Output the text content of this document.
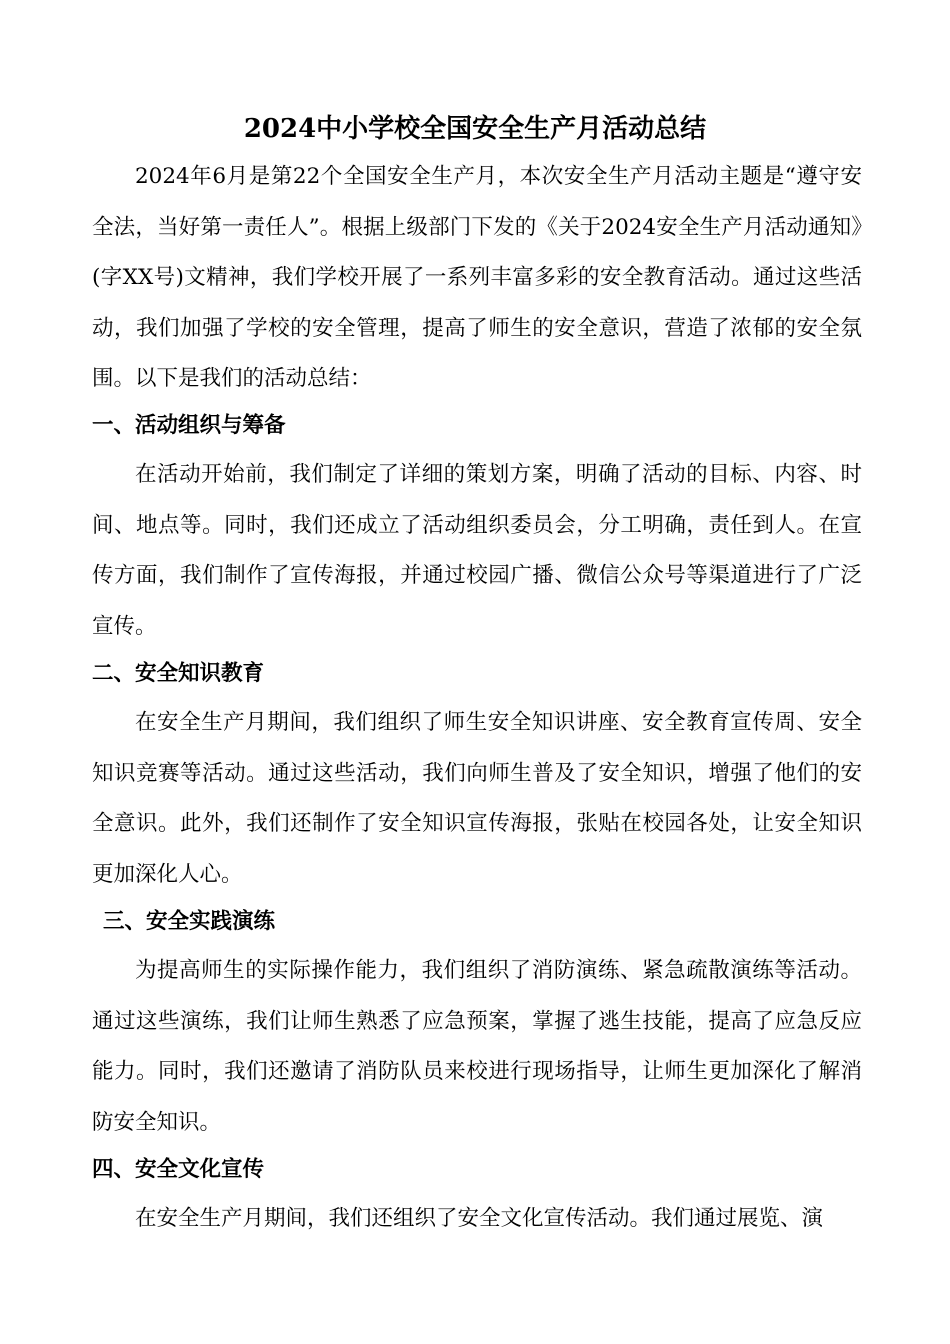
2024中小学校全国安全生产月活动总结

2024年6月是第22个全国安全生产月，本次安全生产月活动主题是“遵守安全法，当好第一责任人”。根据上级部门下发的《关于2024安全生产月活动通知》(字XX号)文精神，我们学校开展了一系列丰富多彩的安全教育活动。通过这些活动，我们加强了学校的安全管理，提高了师生的安全意识，营造了浓郁的安全氛围。以下是我们的活动总结：

一、活动组织与筹备

在活动开始前，我们制定了详细的策划方案，明确了活动的目标、内容、时间、地点等。同时，我们还成立了活动组织委员会，分工明确，责任到人。在宣传方面，我们制作了宣传海报，并通过校园广播、微信公众号等渠道进行了广泛宣传。

二、安全知识教育

在安全生产月期间，我们组织了师生安全知识讲座、安全教育宣传周、安全知识竞赛等活动。通过这些活动，我们向师生普及了安全知识，增强了他们的安全意识。此外，我们还制作了安全知识宣传海报，张贴在校园各处，让安全知识更加深化人心。

三、安全实践演练

为提高师生的实际操作能力，我们组织了消防演练、紧急疏散演练等活动。通过这些演练，我们让师生熟悉了应急预案，掌握了逃生技能，提高了应急反应能力。同时，我们还邀请了消防队员来校进行现场指导，让师生更加深化了解消防安全知识。

四、安全文化宣传

在安全生产月期间，我们还组织了安全文化宣传活动。我们通过展览、演
